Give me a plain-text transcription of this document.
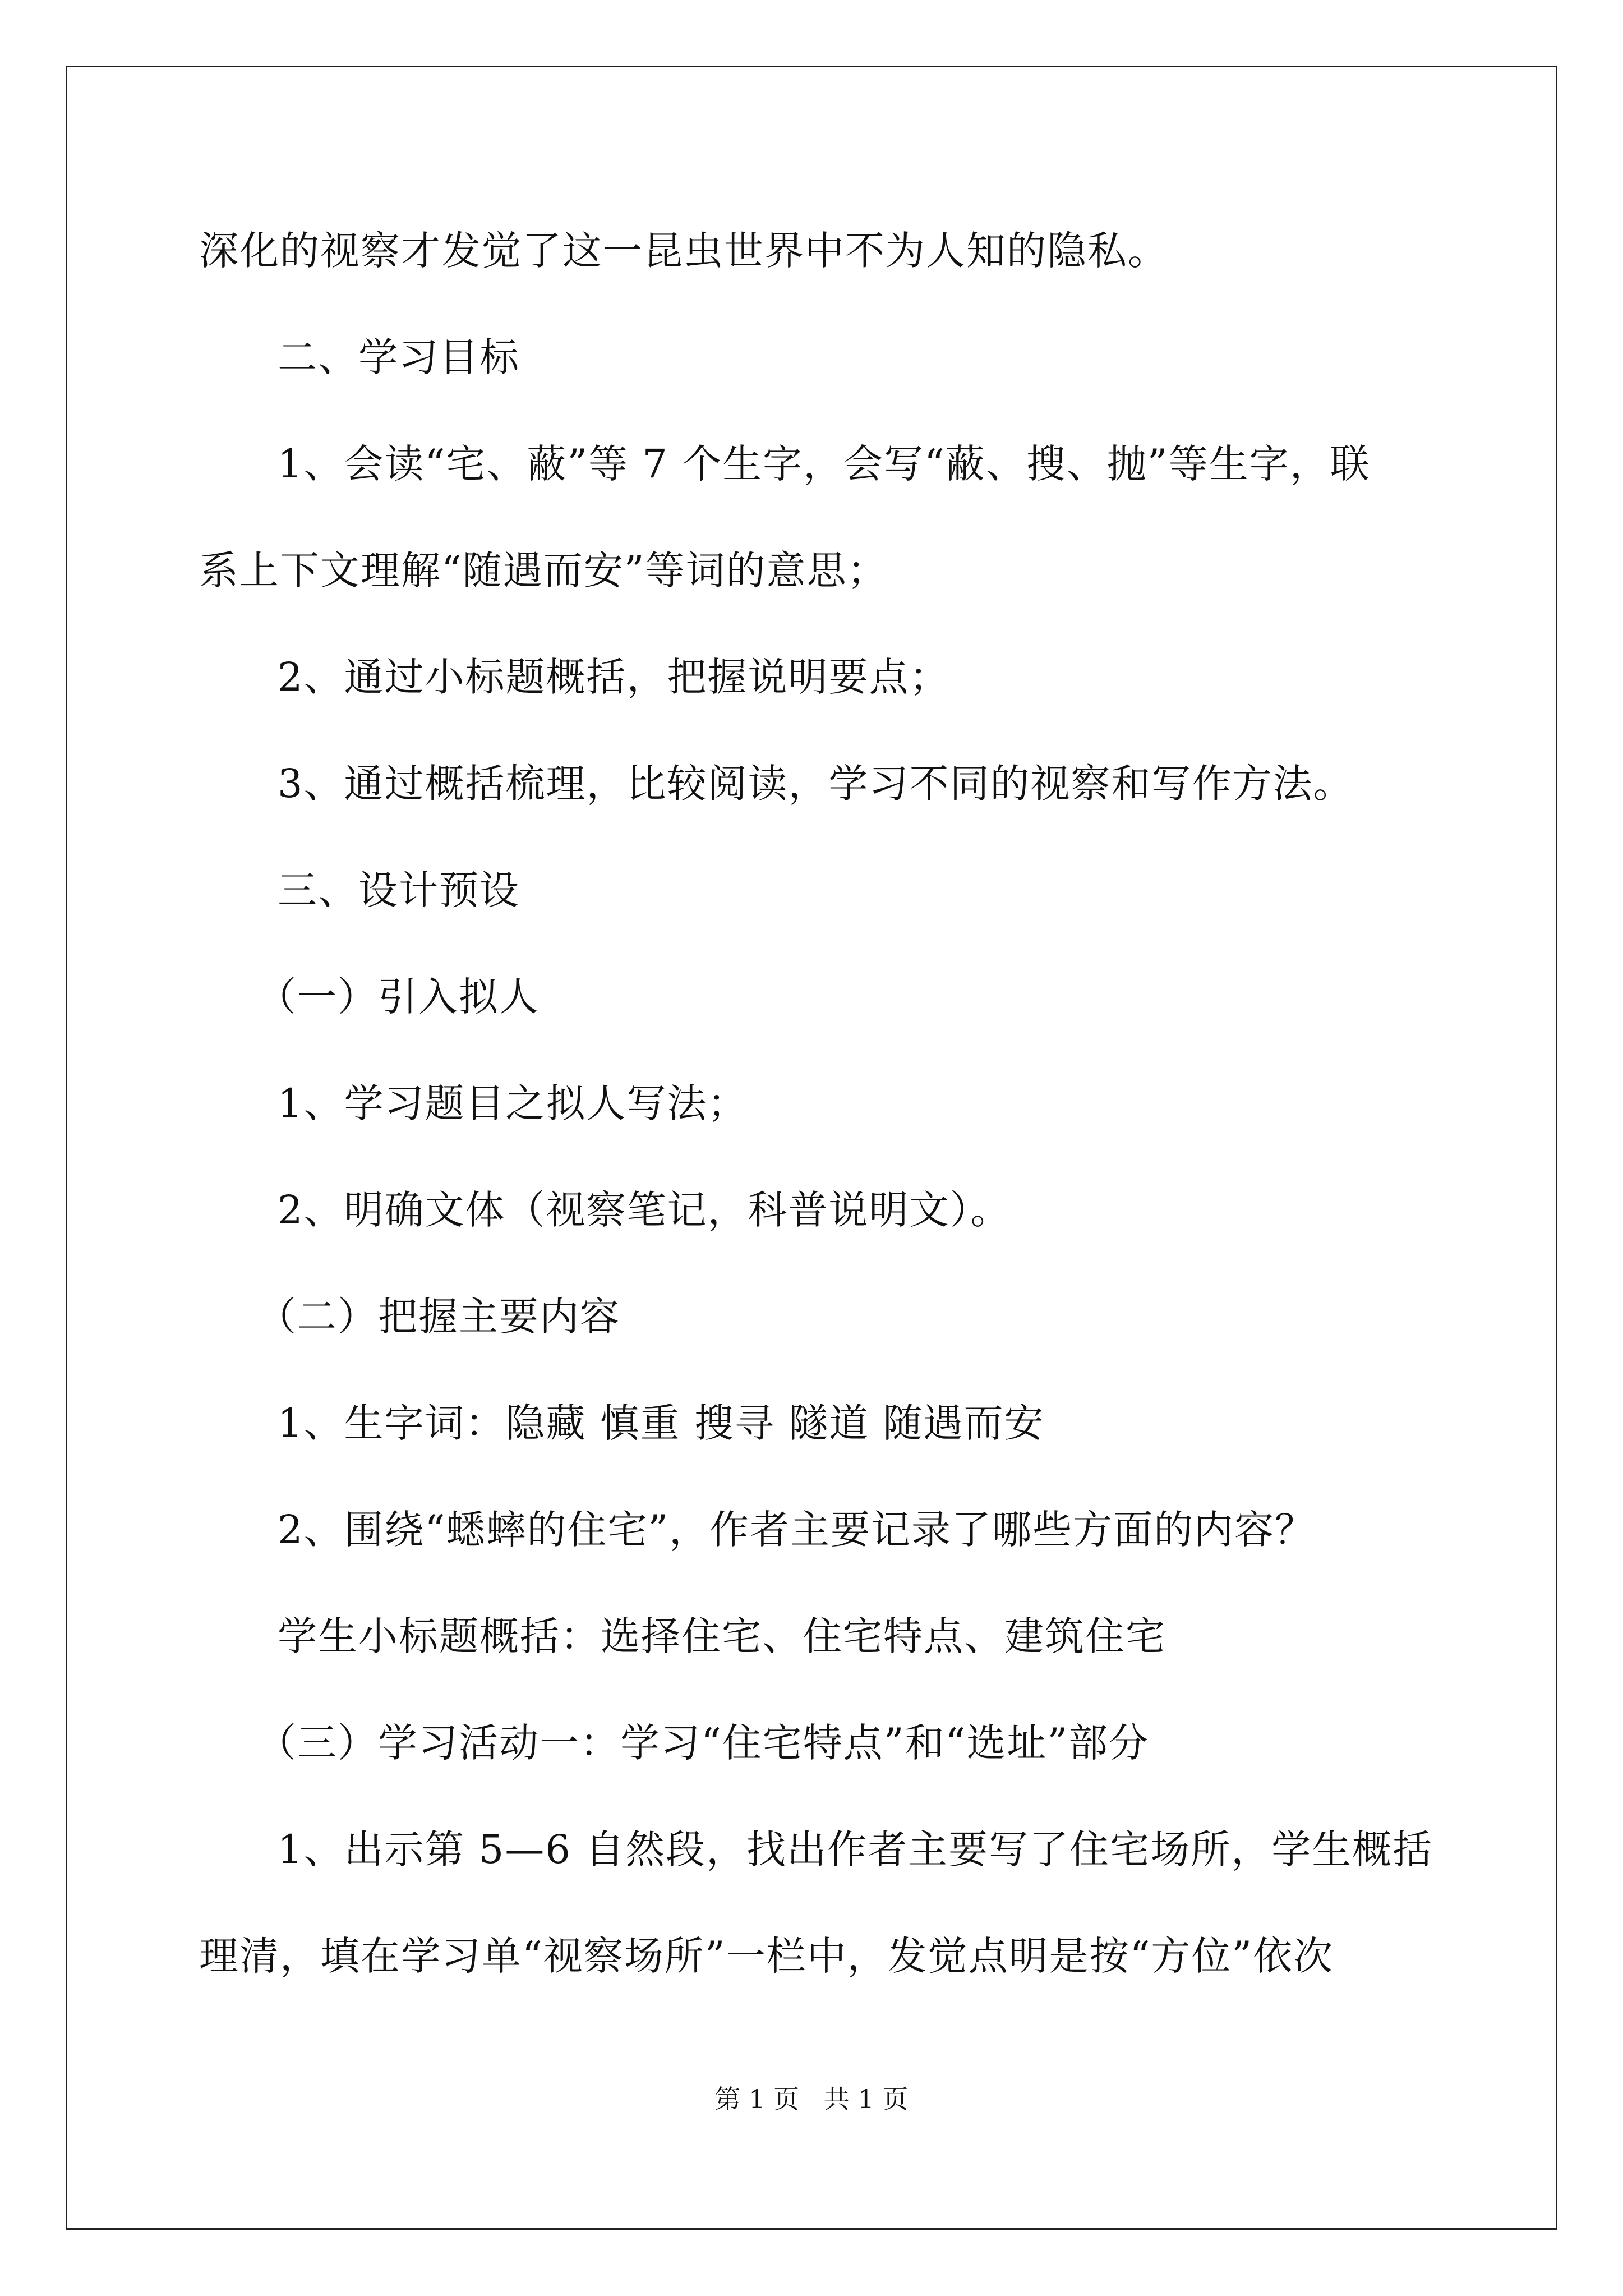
深化的视察才发觉了这一昆虫世界中不为人知的隐私。
二、学习目标
1、会读“宅、蔽”等 7 个生字，会写“蔽、搜、抛”等生字，联
系上下文理解“随遇而安”等词的意思；
2、通过小标题概括，把握说明要点；
3、通过概括梳理，比较阅读，学习不同的视察和写作方法。
三、设计预设
（一）引入拟人
1、学习题目之拟人写法；
2、明确文体（视察笔记，科普说明文）。
（二）把握主要内容
1、生字词：隐藏 慎重 搜寻 隧道 随遇而安
2、围绕“蟋蟀的住宅”，作者主要记录了哪些方面的内容？
学生小标题概括：选择住宅、住宅特点、建筑住宅
（三）学习活动一：学习“住宅特点”和“选址”部分
1、出示第 5—6 自然段，找出作者主要写了住宅场所，学生概括
理清，填在学习单“视察场所”一栏中，发觉点明是按“方位”依次
第 1 页   共 1 页
